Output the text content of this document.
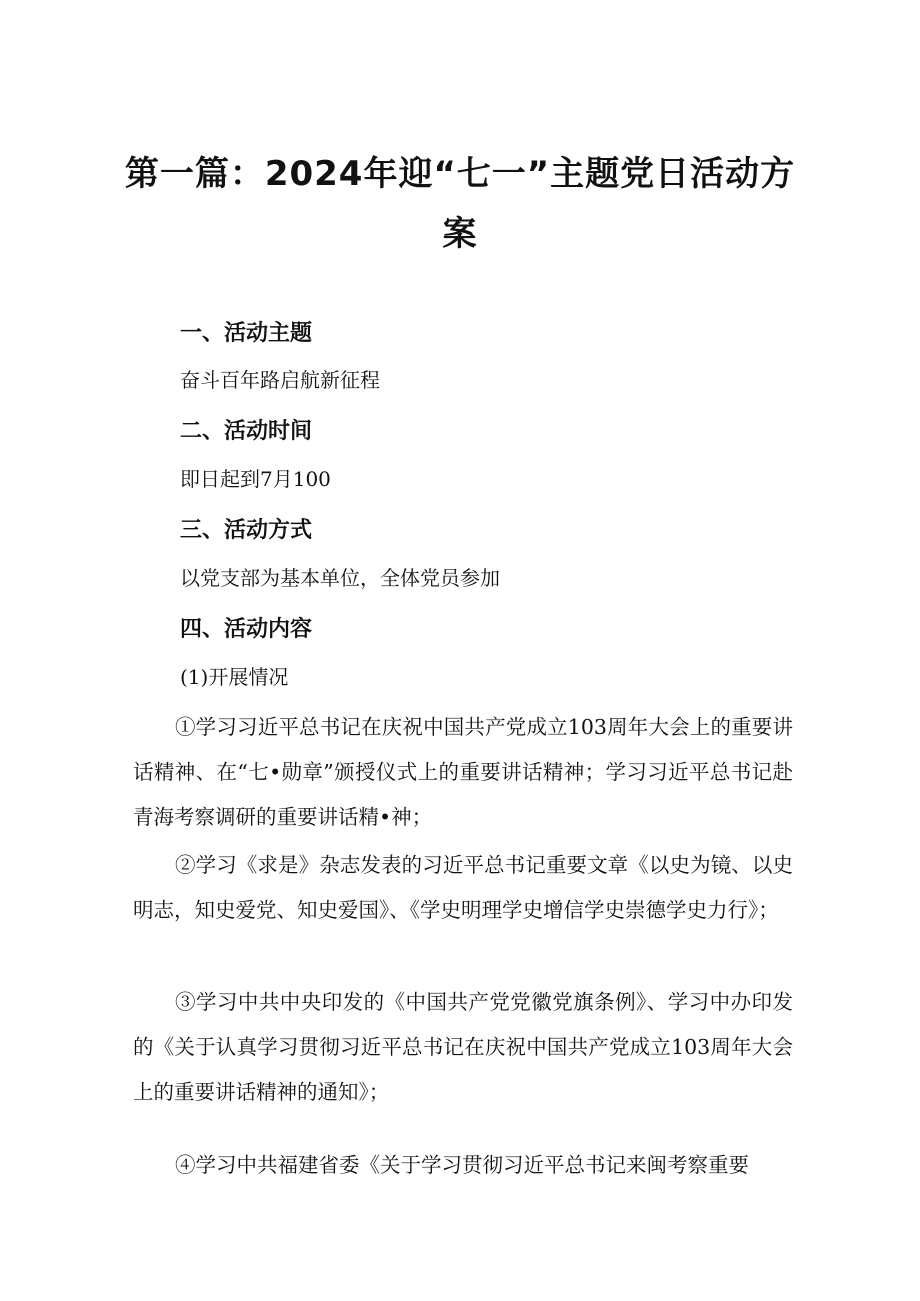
第一篇：2024年迎“七一”主题党日活动方
案
一、活动主题

奋斗百年路启航新征程

二、活动时间

即日起到7月100

三、活动方式

以党支部为基本单位，全体党员参加

四、活动内容

(1)开展情况

①学习习近平总书记在庆祝中国共产党成立103周年大会上的重要讲话精神、在“七•勋章”颁授仪式上的重要讲话精神；学习习近平总书记赴青海考察调研的重要讲话精•神；

②学习《求是》杂志发表的习近平总书记重要文章《以史为镜、以史明志，知史爱党、知史爱国》、《学史明理学史增信学史崇德学史力行》；

③学习中共中央印发的《中国共产党党徽党旗条例》、学习中办印发的《关于认真学习贯彻习近平总书记在庆祝中国共产党成立103周年大会上的重要讲话精神的通知》；

④学习中共福建省委《关于学习贯彻习近平总书记来闽考察重要
